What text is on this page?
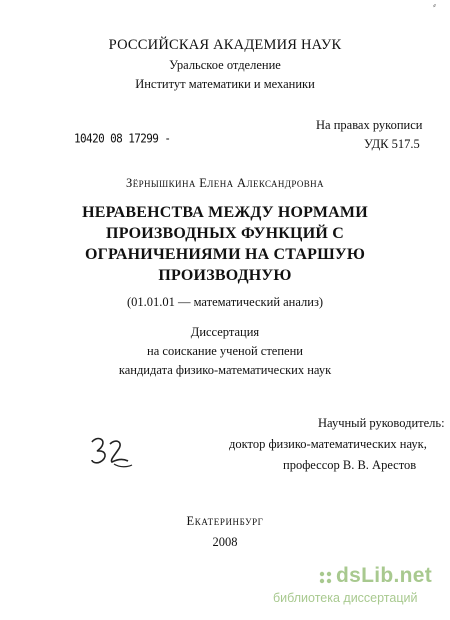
⸗
РОССИЙСКАЯ АКАДЕМИЯ НАУК
Уральское отделение
Институт математики и механики
На правах рукописи
УДК 517.5
10420 08 17299 -
Зёрнышкина Елена Александровна
НЕРАВЕНСТВА МЕЖДУ НОРМАМИ
ПРОИЗВОДНЫХ ФУНКЦИЙ С
ОГРАНИЧЕНИЯМИ НА СТАРШУЮ
ПРОИЗВОДНУЮ
(01.01.01 — математический анализ)
Диссертация
на соискание ученой степени
кандидата физико-математических наук
Научный руководитель:
доктор физико-математических наук,
профессор В. В. Арестов
Екатеринбург
2008
dsLib.net
библиотека диссертаций
